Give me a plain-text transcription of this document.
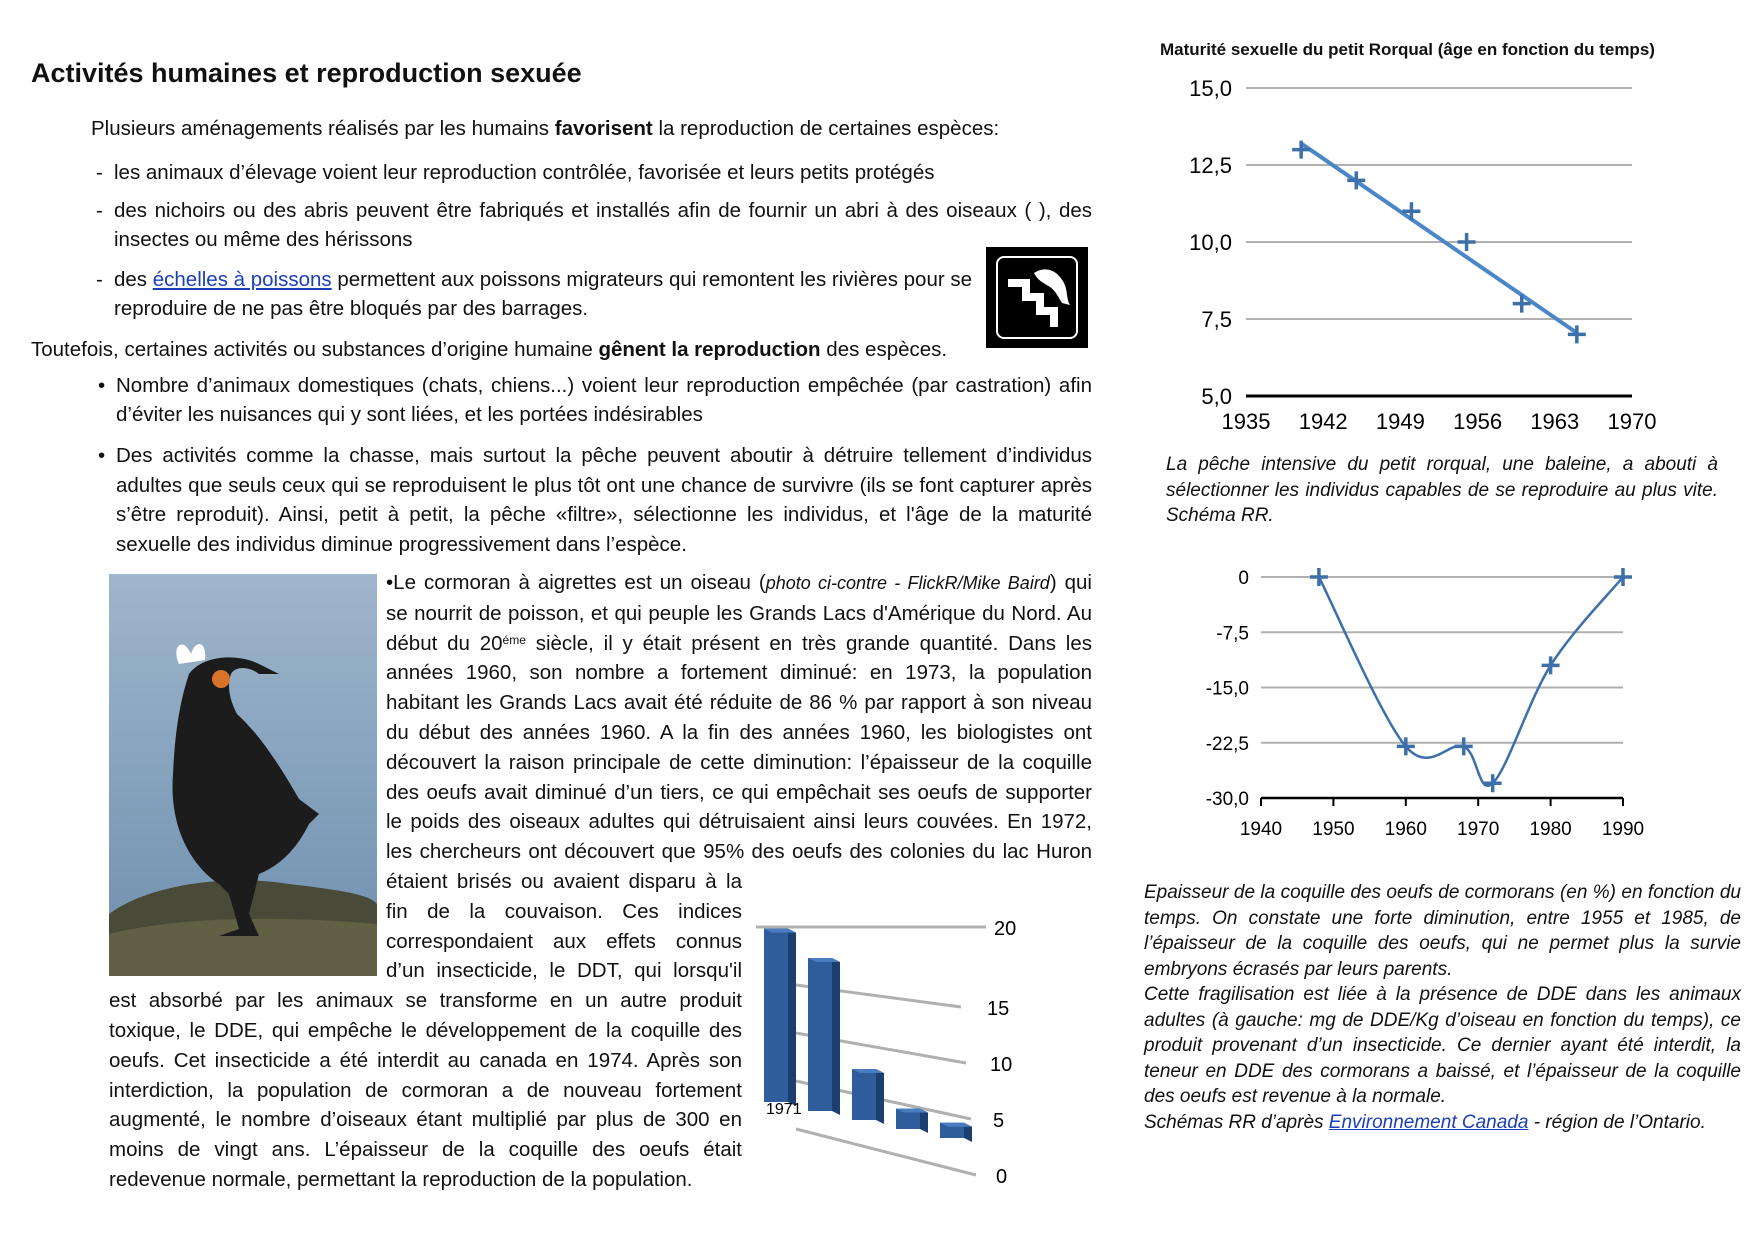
Activités humaines et reproduction sexuée
Plusieurs aménagements réalisés par les humains favorisent la reproduction de certaines espèces:
- les animaux d’élevage voient leur reproduction contrôlée, favorisée et leurs petits protégés
- des nichoirs ou des abris peuvent être fabriqués et installés afin de fournir un abri à des oiseaux ( ), des insectes ou même des hérissons
- des échelles à poissons permettent aux poissons migrateurs qui remontent les rivières pour se reproduire de ne pas être bloqués par des barrages.
Toutefois, certaines activités ou substances d’origine humaine gênent la reproduction des espèces.
• Nombre d’animaux domestiques (chats, chiens...) voient leur reproduction empêchée (par castration) afin d’éviter les nuisances qui y sont liées, et les portées indésirables
• Des activités comme la chasse, mais surtout la pêche peuvent aboutir à détruire tellement d’individus adultes que seuls ceux qui se reproduisent le plus tôt ont une chance de survivre (ils se font capturer après s’être reproduit). Ainsi, petit à petit, la pêche «filtre», sélectionne les individus, et l'âge de la maturité sexuelle des individus diminue progressivement dans l’espèce.
0
5
10
15
20
1971
•Le cormoran à aigrettes est un oiseau (photo ci-contre - FlickR/Mike Baird) qui se nourrit de poisson, et qui peuple les Grands Lacs d'Amérique du Nord. Au début du $20^{éme}$ siècle, il y était présent en très grande quantité. Dans les années 1960, son nombre a fortement diminué: en 1973, la population habitant les Grands Lacs avait été réduite de 86 % par rapport à son niveau du début des années 1960. A la fin des années 1960, les biologistes ont découvert la raison principale de cette diminution: l’épaisseur de la coquille des oeufs avait diminué d’un tiers, ce qui empêchait ses oeufs de supporter le poids des oiseaux adultes qui détruisaient ainsi leurs couvées. En 1972, les chercheurs ont découvert que 95% des oeufs des colonies du lac Huron étaient brisés ou avaient disparu à la fin de la couvaison. Ces indices correspondaient aux effets connus d’un insecticide, le DDT, qui lorsqu'il est absorbé par les animaux se transforme en un autre produit toxique, le DDE, qui empêche le développement de la coquille des oeufs. Cet insecticide a été interdit au canada en 1974. Après son interdiction, la population de cormoran a de nouveau fortement augmenté, le nombre d’oiseaux étant multiplié par plus de 300 en moins de vingt ans. L’épaisseur de la coquille des oeufs était redevenue normale, permettant la reproduction de la population.
Maturité sexuelle du petit Rorqual (âge en fonction du temps)
5,0
7,5
10,0
12,5
15,0
1935 1942 1949 1956 1963 1970
La pêche intensive du petit rorqual, une baleine, a abouti à sélectionner les individus capables de se reproduire au plus vite. Schéma RR.
0
-7,5
-15,0
-22,5
-30,0
1940 1950 1960 1970 1980 1990
Epaisseur de la coquille des oeufs de cormorans (en %) en fonction du temps. On constate une forte diminution, entre 1955 et 1985, de l’épaisseur de la coquille des oeufs, qui ne permet plus la survie embryons écrasés par leurs parents.
Cette fragilisation est liée à la présence de DDE dans les animaux adultes (à gauche: mg de DDE/Kg d’oiseau en fonction du temps), ce produit provenant d’un insecticide. Ce dernier ayant été interdit, la teneur en DDE des cormorans a baissé, et l’épaisseur de la coquille des oeufs est revenue à la normale.
Schémas RR d’après Environnement Canada - région de l’Ontario.
